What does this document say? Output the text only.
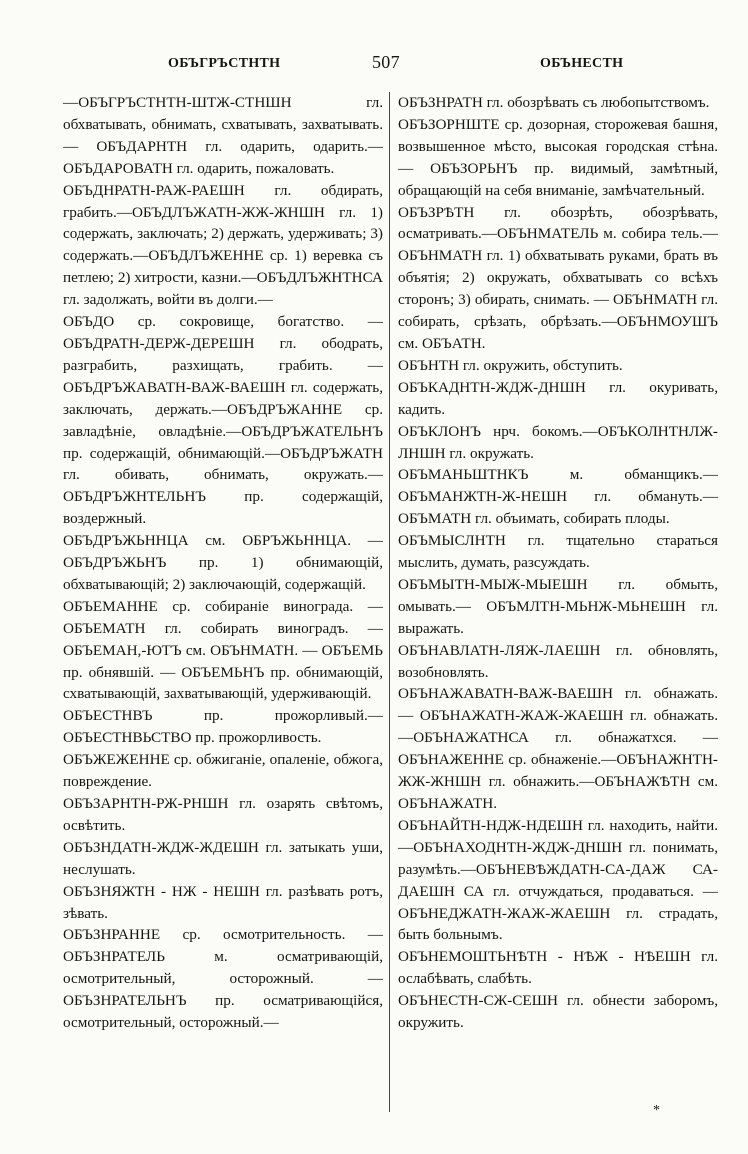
ОБЪГРЪСТНТН	507	ОБЪНЕСТН
—ОБЪГРЪСТНТН-ШТЖ-СТНШН гл. обхватывать, обнимать, схватывать, захватывать. — ОБЪДАРНТН гл. одарить, одарить.—ОБЪДАРОВАТН гл. одарить, пожаловать.
ОБЪДНРАТН-РАЖ-РАЕШН гл. обдирать, грабить.—ОБЪДЛЪЖАТН-ЖЖ-ЖНШН гл. 1) содержать, заключать; 2) держать, удерживать; 3) содержать.—ОБЪДЛЪЖЕННЕ ср. 1) веревка съ петлею; 2) хитрости, казни.—ОБЪДЛЪЖНТНСА гл. задолжать, войти въ долги.—
ОБЪДО ср. сокровище, богатство. — ОБЪДРАТН-ДЕРЖ-ДЕРЕШН гл. ободрать, разграбить, разхищать, грабить. — ОБЪДРЪЖАВАТН-ВАЖ-ВАЕШН гл. содержать, заключать, держать.—ОБЪДРЪЖАННЕ ср. завладѣніе, овладѣніе.—ОБЪДРЪЖАТЕЛЬНЪ пр. содержащій, обнимающій.—ОБЪДРЪЖАТН гл. обивать, обнимать, окружать.—ОБЪДРЪЖНТЕЛЬНЪ пр. содержащій, воздержный.
ОБЪДРЪЖЬННЦА см. ОБРЪЖЬННЦА. — ОБЪДРЪЖЬНЪ пр. 1) обнимающій, обхватывающій; 2) заключающій, содержащій.
ОБЪЕМАННЕ ср. собираніе винограда. —ОБЪЕМАТН гл. собирать виноградъ. — ОБЪЕМАН,-ЮТЪ см. ОБЪНМАТН. — ОБЪЕМЬ пр. обнявшій. — ОБЪЕМЬНЪ пр. обнимающій, схватывающій, захватывающій, удерживающій.
ОБЪЕСТНВЪ пр. прожорливый.—ОБЪЕСТНВЬСТВО пр. прожорливость.
ОБЪЖЕЖЕННЕ ср. обжиганіе, опаленіе, обжога, повреждение.
ОБЪЗАРНТН-РЖ-РНШН гл. озарять свѣтомъ, освѣтить.
ОБЪЗНДАТН-ЖДЖ-ЖДЕШН гл. затыкать уши, неслушать.
ОБЪЗНЯЖТН - НЖ - НЕШН гл. разѣвать ротъ, зѣвать.
ОБЪЗНРАННЕ ср. осмотрительность. — ОБЪЗНРАТЕЛЬ м. осматривающій, осмотрительный, осторожный. — ОБЪЗНРАТЕЛЬНЪ пр. осматривающійся, осмотрительный, осторожный.—
ОБЪЗНРАТН гл. обозрѣвать съ любопытствомъ.
ОБЪЗОРНШТЕ ср. дозорная, сторожевая башня, возвышенное мѣсто, высокая городская стѣна. — ОБЪЗОРЬНЪ пр. видимый, замѣтный, обращающій на себя вниманіе, замѣчательный.
ОБЪЗРѢТН гл. обозрѣть, обозрѣвать, осматривать.—ОБЪНМАТЕЛЬ м. собира тель.—ОБЪНМАТН гл. 1) обхватывать руками, брать въ объятія; 2) окружать, обхватывать со всѣхъ сторонъ; 3) обирать, снимать. — ОБЪНМАТН гл. собирать, срѣзать, обрѣзать.—ОБЪНМОУШЪ см. ОБЪАТН.
ОБЪНТН гл. окружить, обступить.
ОБЪКАДНТН-ЖДЖ-ДНШН гл. окуривать, кадить.
ОБЪКЛОНЪ нрч. бокомъ.—ОБЪКОЛНТНЛЖ-ЛНШН гл. окружать.
ОБЪМАНЬШТНКЪ м. обманщикъ.—ОБЪМАНЖТН-Ж-НЕШН гл. обмануть.—ОБЪМАТН гл. объимать, собирать плоды.
ОБЪМЫСЛНТН гл. тщательно стараться мыслить, думать, разсуждать.
ОБЪМЫТН-МЫЖ-МЫЕШН гл. обмыть, омывать.— ОБЪМЛТН-МЬНЖ-МЬНЕШН гл. выражать.
ОБЪНАВЛАТН-ЛЯЖ-ЛАЕШН гл. обновлять, возобновлять.
ОБЪНАЖАВАТН-ВАЖ-ВАЕШН гл. обнажать. — ОБЪНАЖАТН-ЖАЖ-ЖАЕШН гл. обнажать.—ОБЪНАЖАТНСА гл. обнажатхся. — ОБЪНАЖЕННЕ ср. обнаженіе.—ОБЪНАЖНТН-ЖЖ-ЖНШН гл. обнажить.—ОБЪНАЖѢТН см. ОБЪНАЖАТН.
ОБЪНАЙТН-НДЖ-НДЕШН гл. находить, найти.—ОБЪНАХОДНТН-ЖДЖ-ДНШН гл. понимать, разумѣть.—ОБЪНЕВѢЖДАТН-СА-ДАЖ СА-ДАЕШН СА гл. отчуждаться, продаваться. — ОБЪНЕДЖАТН-ЖАЖ-ЖАЕШН гл. страдать, быть больнымъ.
ОБЪНЕМОШТЬНѢТН - НѢЖ - НѢЕШН гл. ослабѣвать, слабѣть.
ОБЪНЕСТН-СЖ-СЕШН гл. обнести заборомъ, окружить.
*
